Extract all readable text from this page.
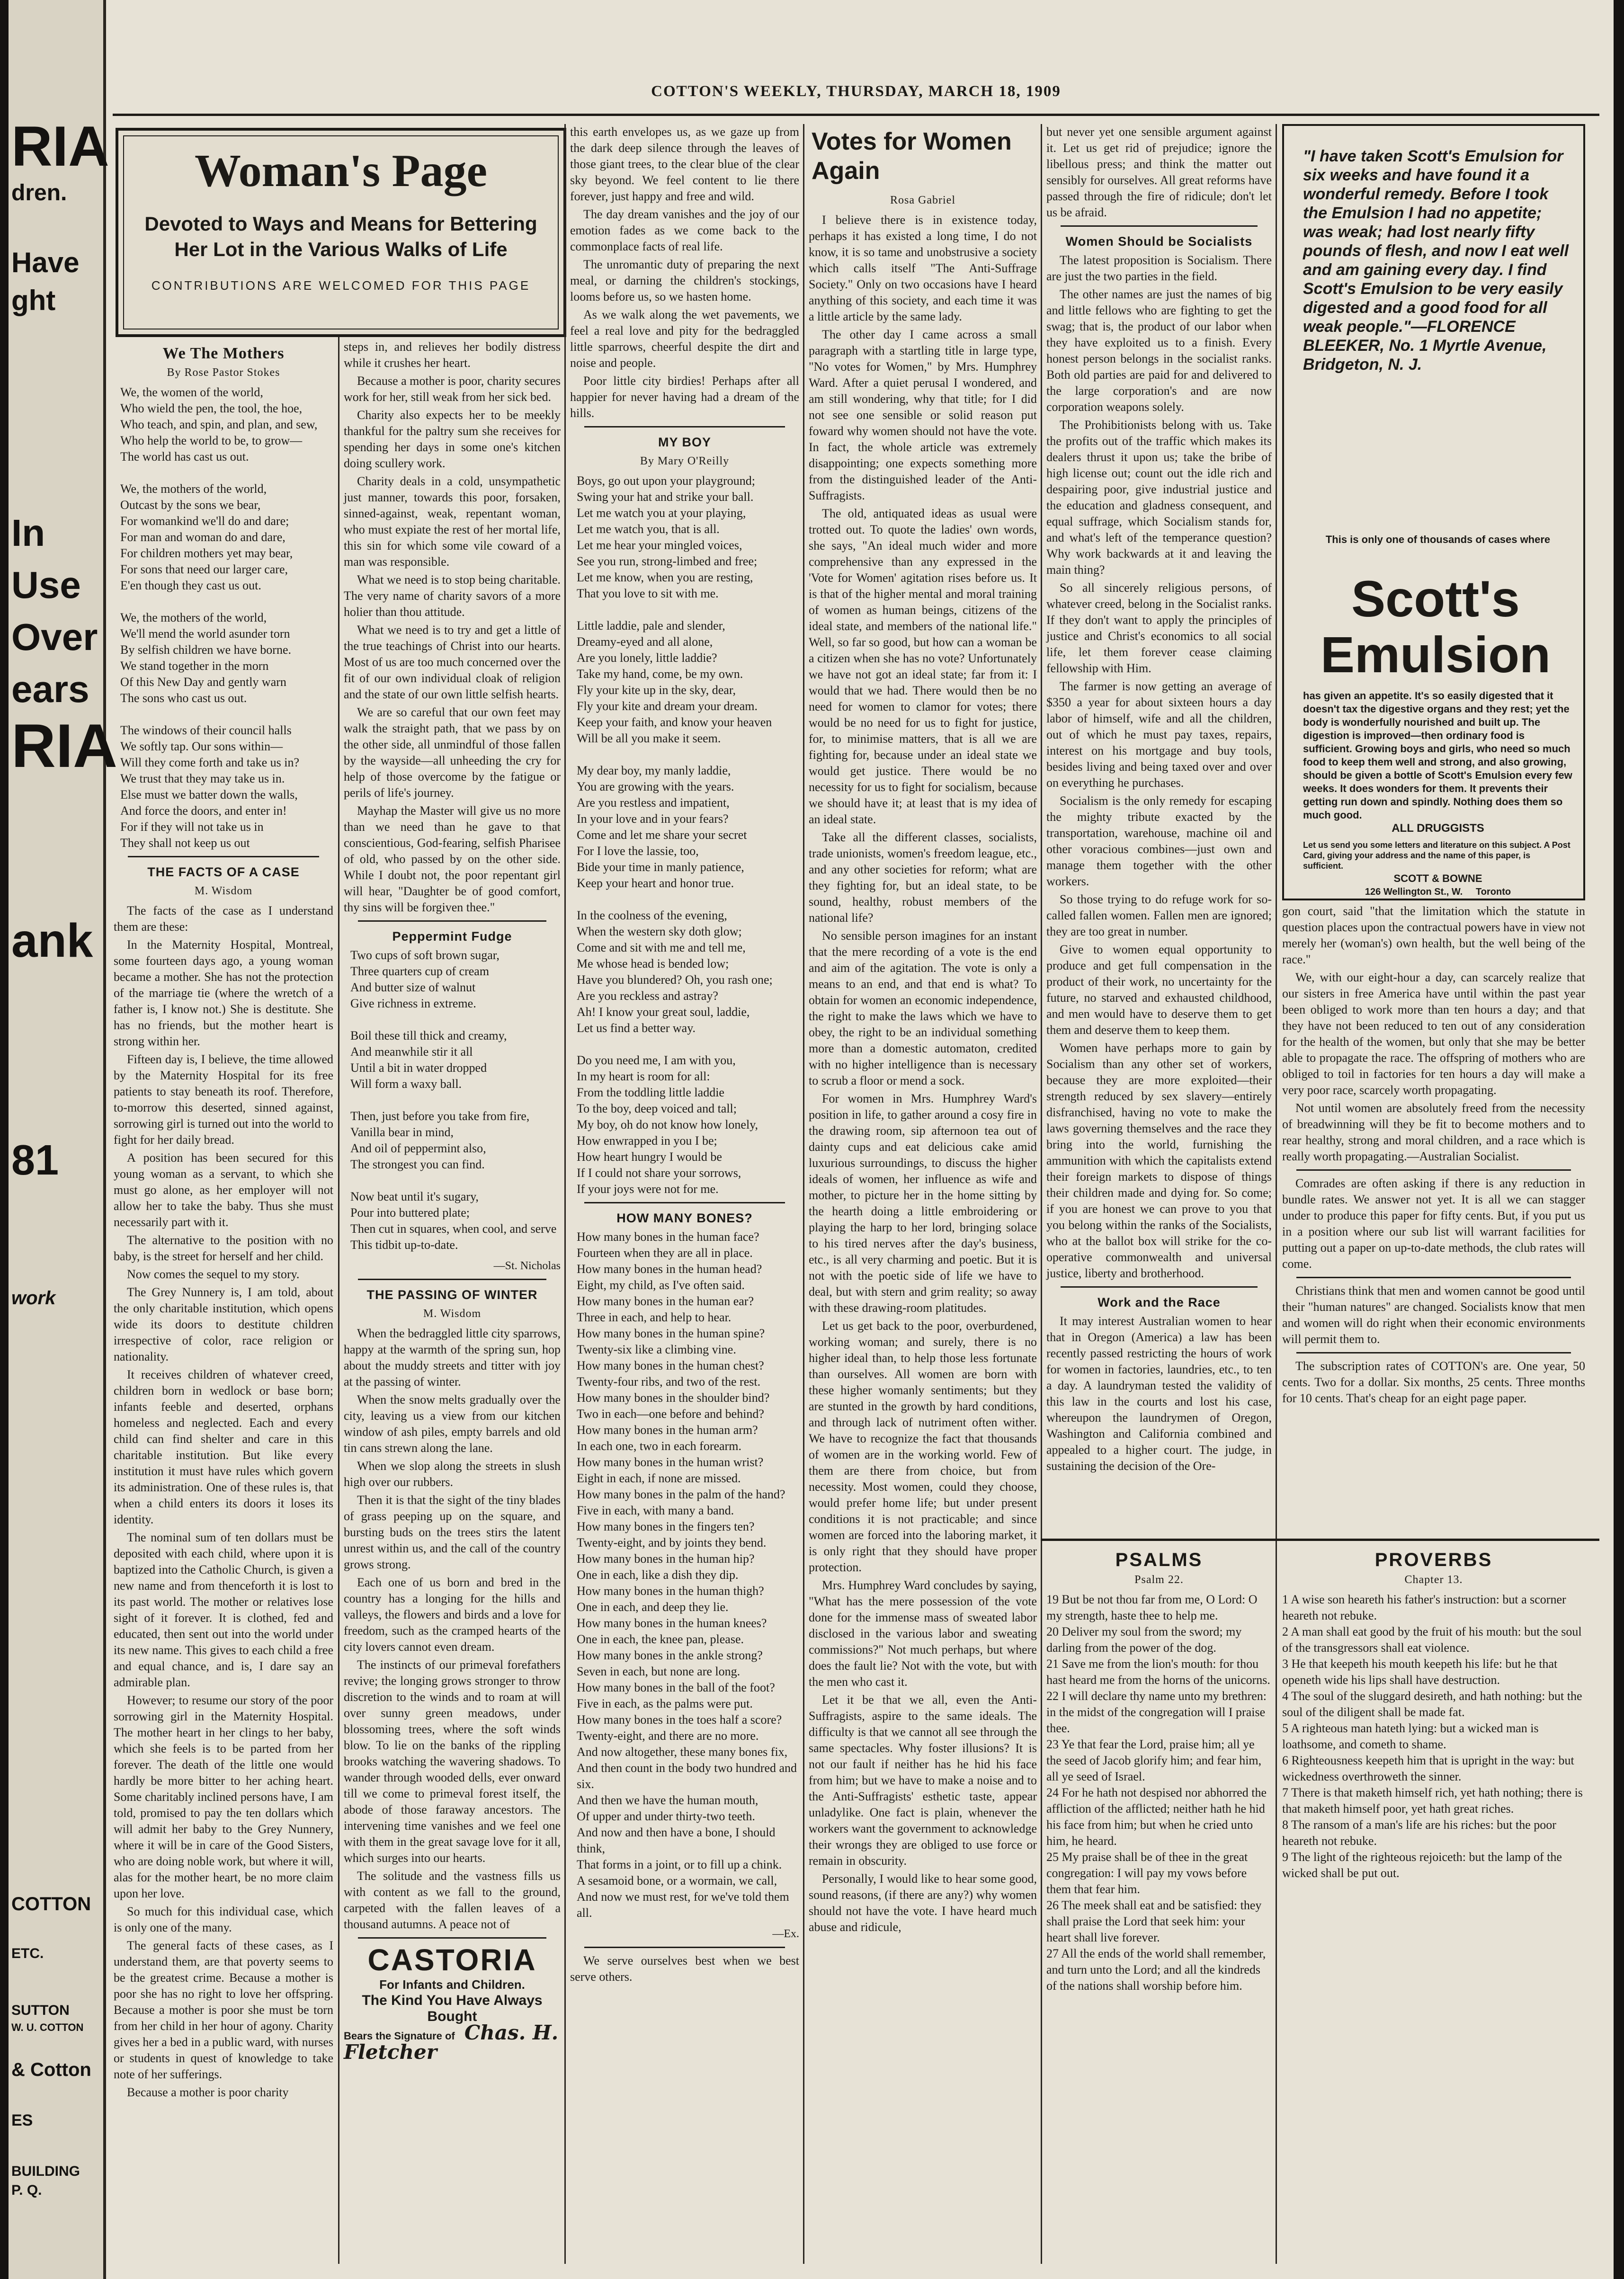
RIA
dren.
Have
ght
In
Use
Over
ears
RIA
ank
81
work
COTTON
ETC.
SUTTON
W. U. COTTON
& Cotton
ES
BUILDING
P. Q.
COTTON'S WEEKLY, THURSDAY, MARCH 18, 1909
Woman's Page
Devoted to Ways and Means for Bettering Her Lot in the Various Walks of Life
CONTRIBUTIONS ARE WELCOMED FOR THIS PAGE
We The Mothers
By Rose Pastor Stokes
We, the women of the world,
Who wield the pen, the tool, the hoe,
Who teach, and spin, and plan, and sew,
Who help the world to be, to grow—
The world has cast us out.

We, the mothers of the world,
Outcast by the sons we bear,
For womankind we'll do and dare;
For man and woman do and dare,
For children mothers yet may bear,
For sons that need our larger care,
E'en though they cast us out.

We, the mothers of the world,
We'll mend the world asunder torn
By selfish children we have borne.
We stand together in the morn
Of this New Day and gently warn
The sons who cast us out.

The windows of their council halls
We softly tap. Our sons within—
Will they come forth and take us in?
We trust that they may take us in.
Else must we batter down the walls,
And force the doors, and enter in!
For if they will not take us in
They shall not keep us out
THE FACTS OF A CASE
M. Wisdom

The facts of the case as I understand them are these:

In the Maternity Hospital, Montreal, some fourteen days ago, a young woman became a mother. She has not the protection of the marriage tie (where the wretch of a father is, I know not.) She is destitute. She has no friends, but the mother heart is strong within her.

Fifteen day is, I believe, the time allowed by the Maternity Hospital for its free patients to stay beneath its roof. Therefore, to-morrow this deserted, sinned against, sorrowing girl is turned out into the world to fight for her daily bread.

A position has been secured for this young woman as a servant, to which she must go alone, as her employer will not allow her to take the baby. Thus she must necessarily part with it.

The alternative to the position with no baby, is the street for herself and her child.

Now comes the sequel to my story.

The Grey Nunnery is, I am told, about the only charitable institution, which opens wide its doors to destitute children irrespective of color, race religion or nationality.

It receives children of whatever creed, children born in wedlock or base born; infants feeble and deserted, orphans homeless and neglected. Each and every child can find shelter and care in this charitable institution. But like every institution it must have rules which govern its administration. One of these rules is, that when a child enters its doors it loses its identity.

The nominal sum of ten dollars must be deposited with each child, where upon it is baptized into the Catholic Church, is given a new name and from thenceforth it is lost to its past world. The mother or relatives lose sight of it forever. It is clothed, fed and educated, then sent out into the world under its new name. This gives to each child a free and equal chance, and is, I dare say an admirable plan.

However; to resume our story of the poor sorrowing girl in the Maternity Hospital. The mother heart in her clings to her baby, which she feels is to be parted from her forever. The death of the little one would hardly be more bitter to her aching heart. Some charitably inclined persons have, I am told, promised to pay the ten dollars which will admit her baby to the Grey Nunnery, where it will be in care of the Good Sisters, who are doing noble work, but where it will, alas for the mother heart, be no more claim upon her love.

So much for this individual case, which is only one of the many.

The general facts of these cases, as I understand them, are that poverty seems to be the greatest crime. Because a mother is poor she has no right to love her offspring. Because a mother is poor she must be torn from her child in her hour of agony. Charity gives her a bed in a public ward, with nurses or students in quest of knowledge to take note of her sufferings.

Because a mother is poor charity

steps in, and relieves her bodily distress while it crushes her heart.

Because a mother is poor, charity secures work for her, still weak from her sick bed.

Charity also expects her to be meekly thankful for the paltry sum she receives for spending her days in some one's kitchen doing scullery work.

Charity deals in a cold, unsympathetic just manner, towards this poor, forsaken, sinned-against, weak, repentant woman, who must expiate the rest of her mortal life, this sin for which some vile coward of a man was responsible.

What we need is to stop being charitable. The very name of charity savors of a more holier than thou attitude.

What we need is to try and get a little of the true teachings of Christ into our hearts. Most of us are too much concerned over the fit of our own individual cloak of religion and the state of our own little selfish hearts.

We are so careful that our own feet may walk the straight path, that we pass by on the other side, all unmindful of those fallen by the wayside—all unheeding the cry for help of those overcome by the fatigue or perils of life's journey.

Mayhap the Master will give us no more than we need than he gave to that conscientious, God-fearing, selfish Pharisee of old, who passed by on the other side. While I doubt not, the poor repentant girl will hear, "Daughter be of good comfort, thy sins will be forgiven thee."

Peppermint Fudge
Two cups of soft brown sugar,
Three quarters cup of cream
And butter size of walnut
Give richness in extreme.

Boil these till thick and creamy,
And meanwhile stir it all
Until a bit in water dropped
Will form a waxy ball.

Then, just before you take from fire,
Vanilla bear in mind,
And oil of peppermint also,
The strongest you can find.

Now beat until it's sugary,
Pour into buttered plate;
Then cut in squares, when cool, and serve
This tidbit up-to-date.
—St. Nicholas
THE PASSING OF WINTER
M. Wisdom

When the bedraggled little city sparrows, happy at the warmth of the spring sun, hop about the muddy streets and titter with joy at the passing of winter.

When the snow melts gradually over the city, leaving us a view from our kitchen window of ash piles, empty barrels and old tin cans strewn along the lane.

When we slop along the streets in slush high over our rubbers.

Then it is that the sight of the tiny blades of grass peeping up on the square, and bursting buds on the trees stirs the latent unrest within us, and the call of the country grows strong.

Each one of us born and bred in the country has a longing for the hills and valleys, the flowers and birds and a love for freedom, such as the cramped hearts of the city lovers cannot even dream.

The instincts of our primeval forefathers revive; the longing grows stronger to throw discretion to the winds and to roam at will over sunny green meadows, under blossoming trees, where the soft winds blow. To lie on the banks of the rippling brooks watching the wavering shadows. To wander through wooded dells, ever onward till we come to primeval forest itself, the abode of those faraway ancestors. The intervening time vanishes and we feel one with them in the great savage love for it all, which surges into our hearts.

The solitude and the vastness fills us with content as we fall to the ground, carpeted with the fallen leaves of a thousand autumns. A peace not of

CASTORIA
For Infants and Children.
The Kind You Have Always Bought
Bears the Signature of Chas. H. Fletcher

this earth envelopes us, as we gaze up from the dark deep silence through the leaves of those giant trees, to the clear blue of the clear sky beyond. We feel content to lie there forever, just happy and free and wild.

The day dream vanishes and the joy of our emotion fades as we come back to the commonplace facts of real life.

The unromantic duty of preparing the next meal, or darning the children's stockings, looms before us, so we hasten home.

As we walk along the wet pavements, we feel a real love and pity for the bedraggled little sparrows, cheerful despite the dirt and noise and people.

Poor little city birdies! Perhaps after all happier for never having had a dream of the hills.

MY BOY
By Mary O'Reilly
Boys, go out upon your playground;
Swing your hat and strike your ball.
Let me watch you at your playing,
Let me watch you, that is all.
Let me hear your mingled voices,
See you run, strong-limbed and free;
Let me know, when you are resting,
That you love to sit with me.

Little laddie, pale and slender,
Dreamy-eyed and all alone,
Are you lonely, little laddie?
Take my hand, come, be my own.
Fly your kite up in the sky, dear,
Fly your kite and dream your dream.
Keep your faith, and know your heaven
Will be all you make it seem.

My dear boy, my manly laddie,
You are growing with the years.
Are you restless and impatient,
In your love and in your fears?
Come and let me share your secret
For I love the lassie, too,
Bide your time in manly patience,
Keep your heart and honor true.

In the coolness of the evening,
When the western sky doth glow;
Come and sit with me and tell me,
Me whose head is bended low;
Have you blundered? Oh, you rash one;
Are you reckless and astray?
Ah! I know your great soul, laddie,
Let us find a better way.

Do you need me, I am with you,
In my heart is room for all:
From the toddling little laddie
To the boy, deep voiced and tall;
My boy, oh do not know how lonely,
How enwrapped in you I be;
How heart hungry I would be
If I could not share your sorrows,
If your joys were not for me.
HOW MANY BONES?
How many bones in the human face?
Fourteen when they are all in place.
How many bones in the human head?
Eight, my child, as I've often said.
How many bones in the human ear?
Three in each, and help to hear.
How many bones in the human spine?
Twenty-six like a climbing vine.
How many bones in the human chest?
Twenty-four ribs, and two of the rest.
How many bones in the shoulder bind?
Two in each—one before and behind?
How many bones in the human arm?
In each one, two in each forearm.
How many bones in the human wrist?
Eight in each, if none are missed.
How many bones in the palm of the hand?
Five in each, with many a band.
How many bones in the fingers ten?
Twenty-eight, and by joints they bend.
How many bones in the human hip?
One in each, like a dish they dip.
How many bones in the human thigh?
One in each, and deep they lie.
How many bones in the human knees?
One in each, the knee pan, please.
How many bones in the ankle strong?
Seven in each, but none are long.
How many bones in the ball of the foot?
Five in each, as the palms were put.
How many bones in the toes half a score?
Twenty-eight, and there are no more.
And now altogether, these many bones fix,
And then count in the body two hundred and six.
And then we have the human mouth,
Of upper and under thirty-two teeth.
And now and then have a bone, I should think,
That forms in a joint, or to fill up a chink.
A sesamoid bone, or a wormain, we call,
And now we must rest, for we've told them all.
—Ex.

We serve ourselves best when we best serve others.

Votes for Women Again
Rosa Gabriel

I believe there is in existence today, perhaps it has existed a long time, I do not know, it is so tame and unobstrusive a society which calls itself "The Anti-Suffrage Society." Only on two occasions have I heard anything of this society, and each time it was a little article by the same lady.

The other day I came across a small paragraph with a startling title in large type, "No votes for Women," by Mrs. Humphrey Ward. After a quiet perusal I wondered, and am still wondering, why that title; for I did not see one sensible or solid reason put foward why women should not have the vote. In fact, the whole article was extremely disappointing; one expects something more from the distinguished leader of the Anti-Suffragists.

The old, antiquated ideas as usual were trotted out. To quote the ladies' own words, she says, "An ideal much wider and more comprehensive than any expressed in the 'Vote for Women' agitation rises before us. It is that of the higher mental and moral training of women as human beings, citizens of the ideal state, and members of the national life." Well, so far so good, but how can a woman be a citizen when she has no vote? Unfortunately we have not got an ideal state; far from it: I would that we had. There would then be no need for women to clamor for votes; there would be no need for us to fight for justice, for, to minimise matters, that is all we are fighting for, because under an ideal state we would get justice. There would be no necessity for us to fight for socialism, because we should have it; at least that is my idea of an ideal state.

Take all the different classes, socialists, trade unionists, women's freedom league, etc., and any other societies for reform; what are they fighting for, but an ideal state, to be sound, healthy, robust members of the national life?

No sensible person imagines for an instant that the mere recording of a vote is the end and aim of the agitation. The vote is only a means to an end, and that end is what? To obtain for women an economic independence, the right to make the laws which we have to obey, the right to be an individual something more than a domestic automaton, credited with no higher intelligence than is necessary to scrub a floor or mend a sock.

For women in Mrs. Humphrey Ward's position in life, to gather around a cosy fire in the drawing room, sip afternoon tea out of dainty cups and eat delicious cake amid luxurious surroundings, to discuss the higher ideals of women, her influence as wife and mother, to picture her in the home sitting by the hearth doing a little embroidering or playing the harp to her lord, bringing solace to his tired nerves after the day's business, etc., is all very charming and poetic. But it is not with the poetic side of life we have to deal, but with stern and grim reality; so away with these drawing-room platitudes.

Let us get back to the poor, overburdened, working woman; and surely, there is no higher ideal than, to help those less fortunate than ourselves. All women are born with these higher womanly sentiments; but they are stunted in the growth by hard conditions, and through lack of nutriment often wither. We have to recognize the fact that thousands of women are in the working world. Few of them are there from choice, but from necessity. Most women, could they choose, would prefer home life; but under present conditions it is not practicable; and since women are forced into the laboring market, it is only right that they should have proper protection.

Mrs. Humphrey Ward concludes by saying, "What has the mere possession of the vote done for the immense mass of sweated labor disclosed in the various labor and sweating commissions?" Not much perhaps, but where does the fault lie? Not with the vote, but with the men who cast it.

Let it be that we all, even the Anti-Suffragists, aspire to the same ideals. The difficulty is that we cannot all see through the same spectacles. Why foster illusions? It is not our fault if neither has he hid his face from him; but we have to make a noise and to the Anti-Suffragists' esthetic taste, appear unladylike. One fact is plain, whenever the workers want the government to acknowledge their wrongs they are obliged to use force or remain in obscurity.

Personally, I would like to hear some good, sound reasons, (if there are any?) why women should not have the vote. I have heard much abuse and ridicule,

but never yet one sensible argument against it. Let us get rid of prejudice; ignore the libellous press; and think the matter out sensibly for ourselves. All great reforms have passed through the fire of ridicule; don't let us be afraid.

Women Should be Socialists

The latest proposition is Socialism. There are just the two parties in the field.

The other names are just the names of big and little fellows who are fighting to get the swag; that is, the product of our labor when they have exploited us to a finish. Every honest person belongs in the socialist ranks. Both old parties are paid for and delivered to the large corporation's and are now corporation weapons solely.

The Prohibitionists belong with us. Take the profits out of the traffic which makes its dealers thrust it upon us; take the bribe of high license out; count out the idle rich and despairing poor, give industrial justice and the education and gladness consequent, and equal suffrage, which Socialism stands for, and what's left of the temperance question? Why work backwards at it and leaving the main thing?

So all sincerely religious persons, of whatever creed, belong in the Socialist ranks. If they don't want to apply the principles of justice and Christ's economics to all social life, let them forever cease claiming fellowship with Him.

The farmer is now getting an average of $350 a year for about sixteen hours a day labor of himself, wife and all the children, out of which he must pay taxes, repairs, interest on his mortgage and buy tools, besides living and being taxed over and over on everything he purchases.

Socialism is the only remedy for escaping the mighty tribute exacted by the transportation, warehouse, machine oil and other voracious combines—just own and manage them together with the other workers.

So those trying to do refuge work for so-called fallen women. Fallen men are ignored; they are too great in number.

Give to women equal opportunity to produce and get full compensation in the product of their work, no uncertainty for the future, no starved and exhausted childhood, and men would have to deserve them to get them and deserve them to keep them.

Women have perhaps more to gain by Socialism than any other set of workers, because they are more exploited—their strength reduced by sex slavery—entirely disfranchised, having no vote to make the laws governing themselves and the race they bring into the world, furnishing the ammunition with which the capitalists extend their foreign markets to dispose of things their children made and dying for. So come; if you are honest we can prove to you that you belong within the ranks of the Socialists, who at the ballot box will strike for the co-operative commonwealth and universal justice, liberty and brotherhood.

Work and the Race

It may interest Australian women to hear that in Oregon (America) a law has been recently passed restricting the hours of work for women in factories, laundries, etc., to ten a day. A laundryman tested the validity of this law in the courts and lost his case, whereupon the laundrymen of Oregon, Washington and California combined and appealed to a higher court. The judge, in sustaining the decision of the Ore-

"I have taken Scott's Emulsion for six weeks and have found it a wonderful remedy. Before I took the Emulsion I had no appetite; was weak; had lost nearly fifty pounds of flesh, and now I eat well and am gaining every day. I find Scott's Emulsion to be very easily digested and a good food for all weak people."—FLORENCE BLEEKER, No. 1 Myrtle Avenue, Bridgeton, N. J.
This is only one of thousands of cases where
Scott's Emulsion
has given an appetite. It's so easily digested that it doesn't tax the digestive organs and they rest; yet the body is wonderfully nourished and built up. The digestion is improved—then ordinary food is sufficient. Growing boys and girls, who need so much food to keep them well and strong, and also growing, should be given a bottle of Scott's Emulsion every few weeks. It does wonders for them. It prevents their getting run down and spindly. Nothing does them so much good.
ALL DRUGGISTS
Let us send you some letters and literature on this subject. A Post Card, giving your address and the name of this paper, is sufficient.
SCOTT & BOWNE
126 Wellington St., W.     Toronto

gon court, said "that the limitation which the statute in question places upon the contractual powers have in view not merely her (woman's) own health, but the well being of the race."

We, with our eight-hour a day, can scarcely realize that our sisters in free America have until within the past year been obliged to work more than ten hours a day; and that they have not been reduced to ten out of any consideration for the health of the women, but only that she may be better able to propagate the race. The offspring of mothers who are obliged to toil in factories for ten hours a day will make a very poor race, scarcely worth propagating.

Not until women are absolutely freed from the necessity of breadwinning will they be fit to become mothers and to rear healthy, strong and moral children, and a race which is really worth propagating.—Australian Socialist.

Comrades are often asking if there is any reduction in bundle rates. We answer not yet. It is all we can stagger under to produce this paper for fifty cents. But, if you put us in a position where our sub list will warrant facilities for putting out a paper on up-to-date methods, the club rates will come.

Christians think that men and women cannot be good until their "human natures" are changed. Socialists know that men and women will do right when their economic environments will permit them to.

The subscription rates of COTTON's are. One year, 50 cents. Two for a dollar. Six months, 25 cents. Three months for 10 cents. That's cheap for an eight page paper.

PSALMS
Psalm 22.
19 But be not thou far from me, O Lord: O my strength, haste thee to help me.
20 Deliver my soul from the sword; my darling from the power of the dog.
21 Save me from the lion's mouth: for thou hast heard me from the horns of the unicorns.
22 I will declare thy name unto my brethren: in the midst of the congregation will I praise thee.
23 Ye that fear the Lord, praise him; all ye the seed of Jacob glorify him; and fear him, all ye seed of Israel.
24 For he hath not despised nor abhorred the affliction of the afflicted; neither hath he hid his face from him; but when he cried unto him, he heard.
25 My praise shall be of thee in the great congregation: I will pay my vows before them that fear him.
26 The meek shall eat and be satisfied: they shall praise the Lord that seek him: your heart shall live forever.
27 All the ends of the world shall remember, and turn unto the Lord; and all the kindreds of the nations shall worship before him.
PROVERBS
Chapter 13.
1 A wise son heareth his father's instruction: but a scorner heareth not rebuke.
2 A man shall eat good by the fruit of his mouth: but the soul of the transgressors shall eat violence.
3 He that keepeth his mouth keepeth his life: but he that openeth wide his lips shall have destruction.
4 The soul of the sluggard desireth, and hath nothing: but the soul of the diligent shall be made fat.
5 A righteous man hateth lying: but a wicked man is loathsome, and cometh to shame.
6 Righteousness keepeth him that is upright in the way: but wickedness overthroweth the sinner.
7 There is that maketh himself rich, yet hath nothing; there is that maketh himself poor, yet hath great riches.
8 The ransom of a man's life are his riches: but the poor heareth not rebuke.
9 The light of the righteous rejoiceth: but the lamp of the wicked shall be put out.
